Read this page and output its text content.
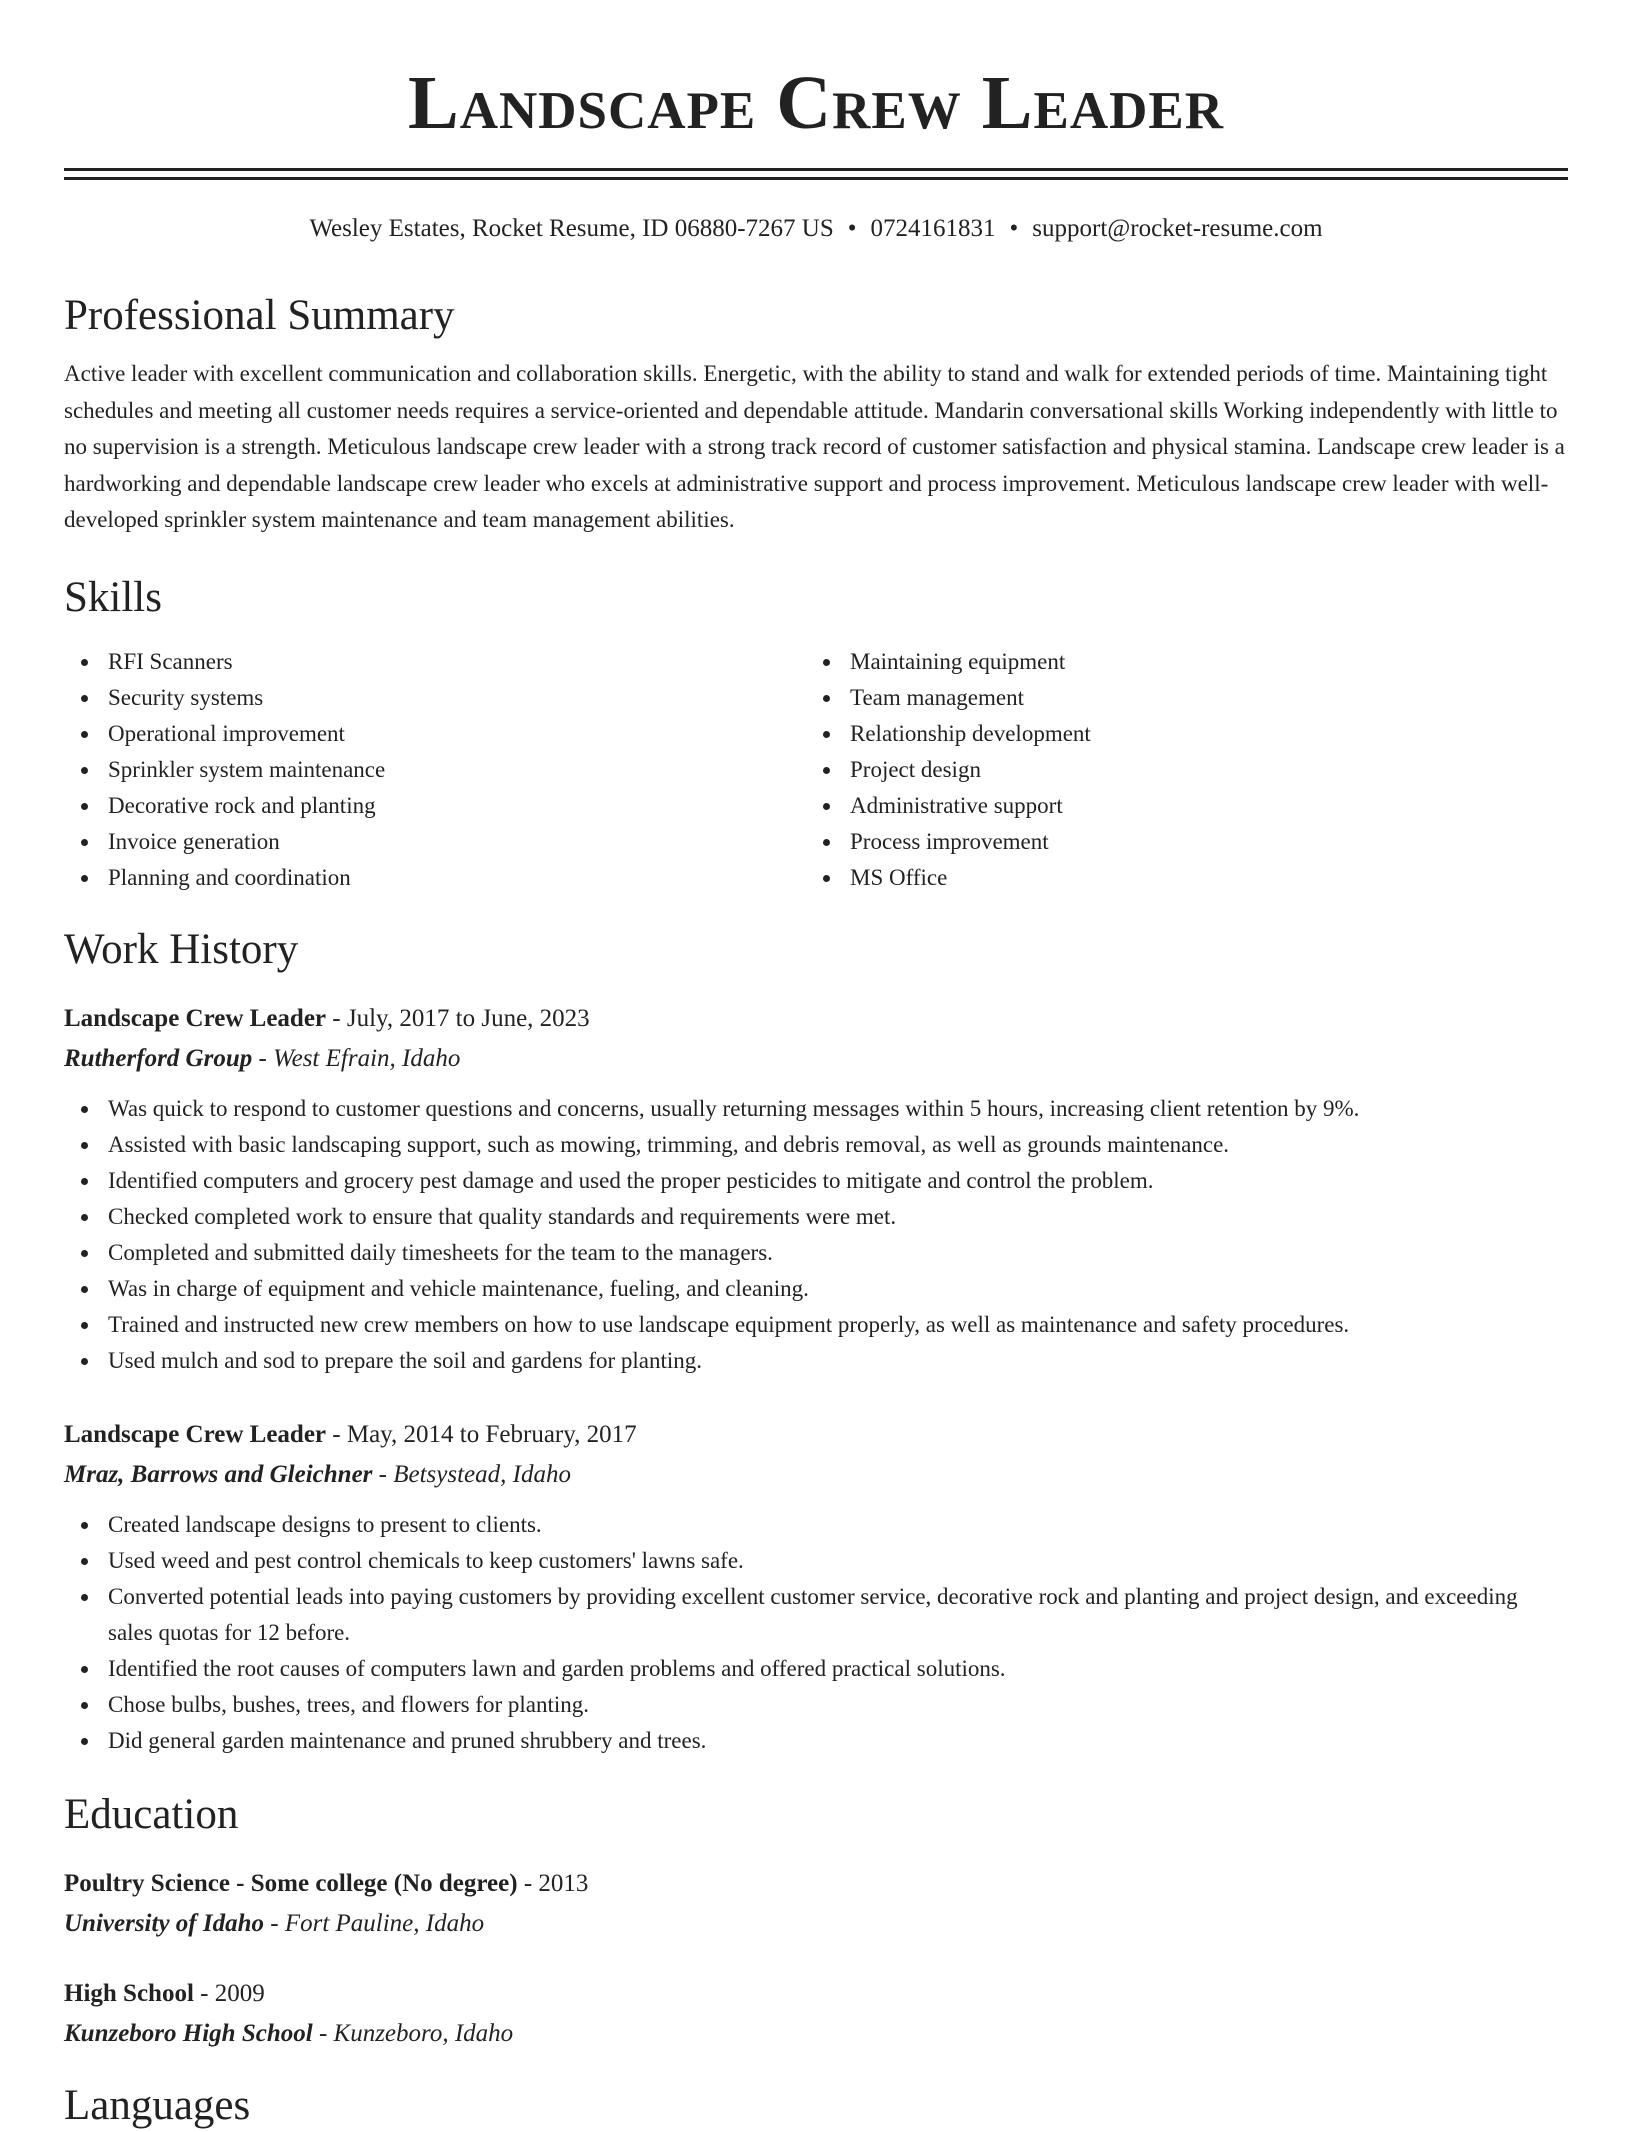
Landscape Crew Leader
Wesley Estates, Rocket Resume, ID 06880-7267 US • 0724161831 • support@rocket-resume.com
Professional Summary

Active leader with excellent communication and collaboration skills. Energetic, with the ability to stand and walk for extended periods of time. Maintaining tight schedules and meeting all customer needs requires a service-oriented and dependable attitude. Mandarin conversational skills Working independently with little to no supervision is a strength. Meticulous landscape crew leader with a strong track record of customer satisfaction and physical stamina. Landscape crew leader is a hardworking and dependable landscape crew leader who excels at administrative support and process improvement. Meticulous landscape crew leader with well-developed sprinkler system maintenance and team management abilities.

Skills
RFI Scanners
Security systems
Operational improvement
Sprinkler system maintenance
Decorative rock and planting
Invoice generation
Planning and coordination
Maintaining equipment
Team management
Relationship development
Project design
Administrative support
Process improvement
MS Office
Work History
Landscape Crew Leader - July, 2017 to June, 2023
Rutherford Group - West Efrain, Idaho
Was quick to respond to customer questions and concerns, usually returning messages within 5 hours, increasing client retention by 9%.
Assisted with basic landscaping support, such as mowing, trimming, and debris removal, as well as grounds maintenance.
Identified computers and grocery pest damage and used the proper pesticides to mitigate and control the problem.
Checked completed work to ensure that quality standards and requirements were met.
Completed and submitted daily timesheets for the team to the managers.
Was in charge of equipment and vehicle maintenance, fueling, and cleaning.
Trained and instructed new crew members on how to use landscape equipment properly, as well as maintenance and safety procedures.
Used mulch and sod to prepare the soil and gardens for planting.
Landscape Crew Leader - May, 2014 to February, 2017
Mraz, Barrows and Gleichner - Betsystead, Idaho
Created landscape designs to present to clients.
Used weed and pest control chemicals to keep customers' lawns safe.
Converted potential leads into paying customers by providing excellent customer service, decorative rock and planting and project design, and exceeding sales quotas for 12 before.
Identified the root causes of computers lawn and garden problems and offered practical solutions.
Chose bulbs, bushes, trees, and flowers for planting.
Did general garden maintenance and pruned shrubbery and trees.
Education
Poultry Science - Some college (No degree) - 2013
University of Idaho - Fort Pauline, Idaho
High School - 2009
Kunzeboro High School - Kunzeboro, Idaho
Languages
